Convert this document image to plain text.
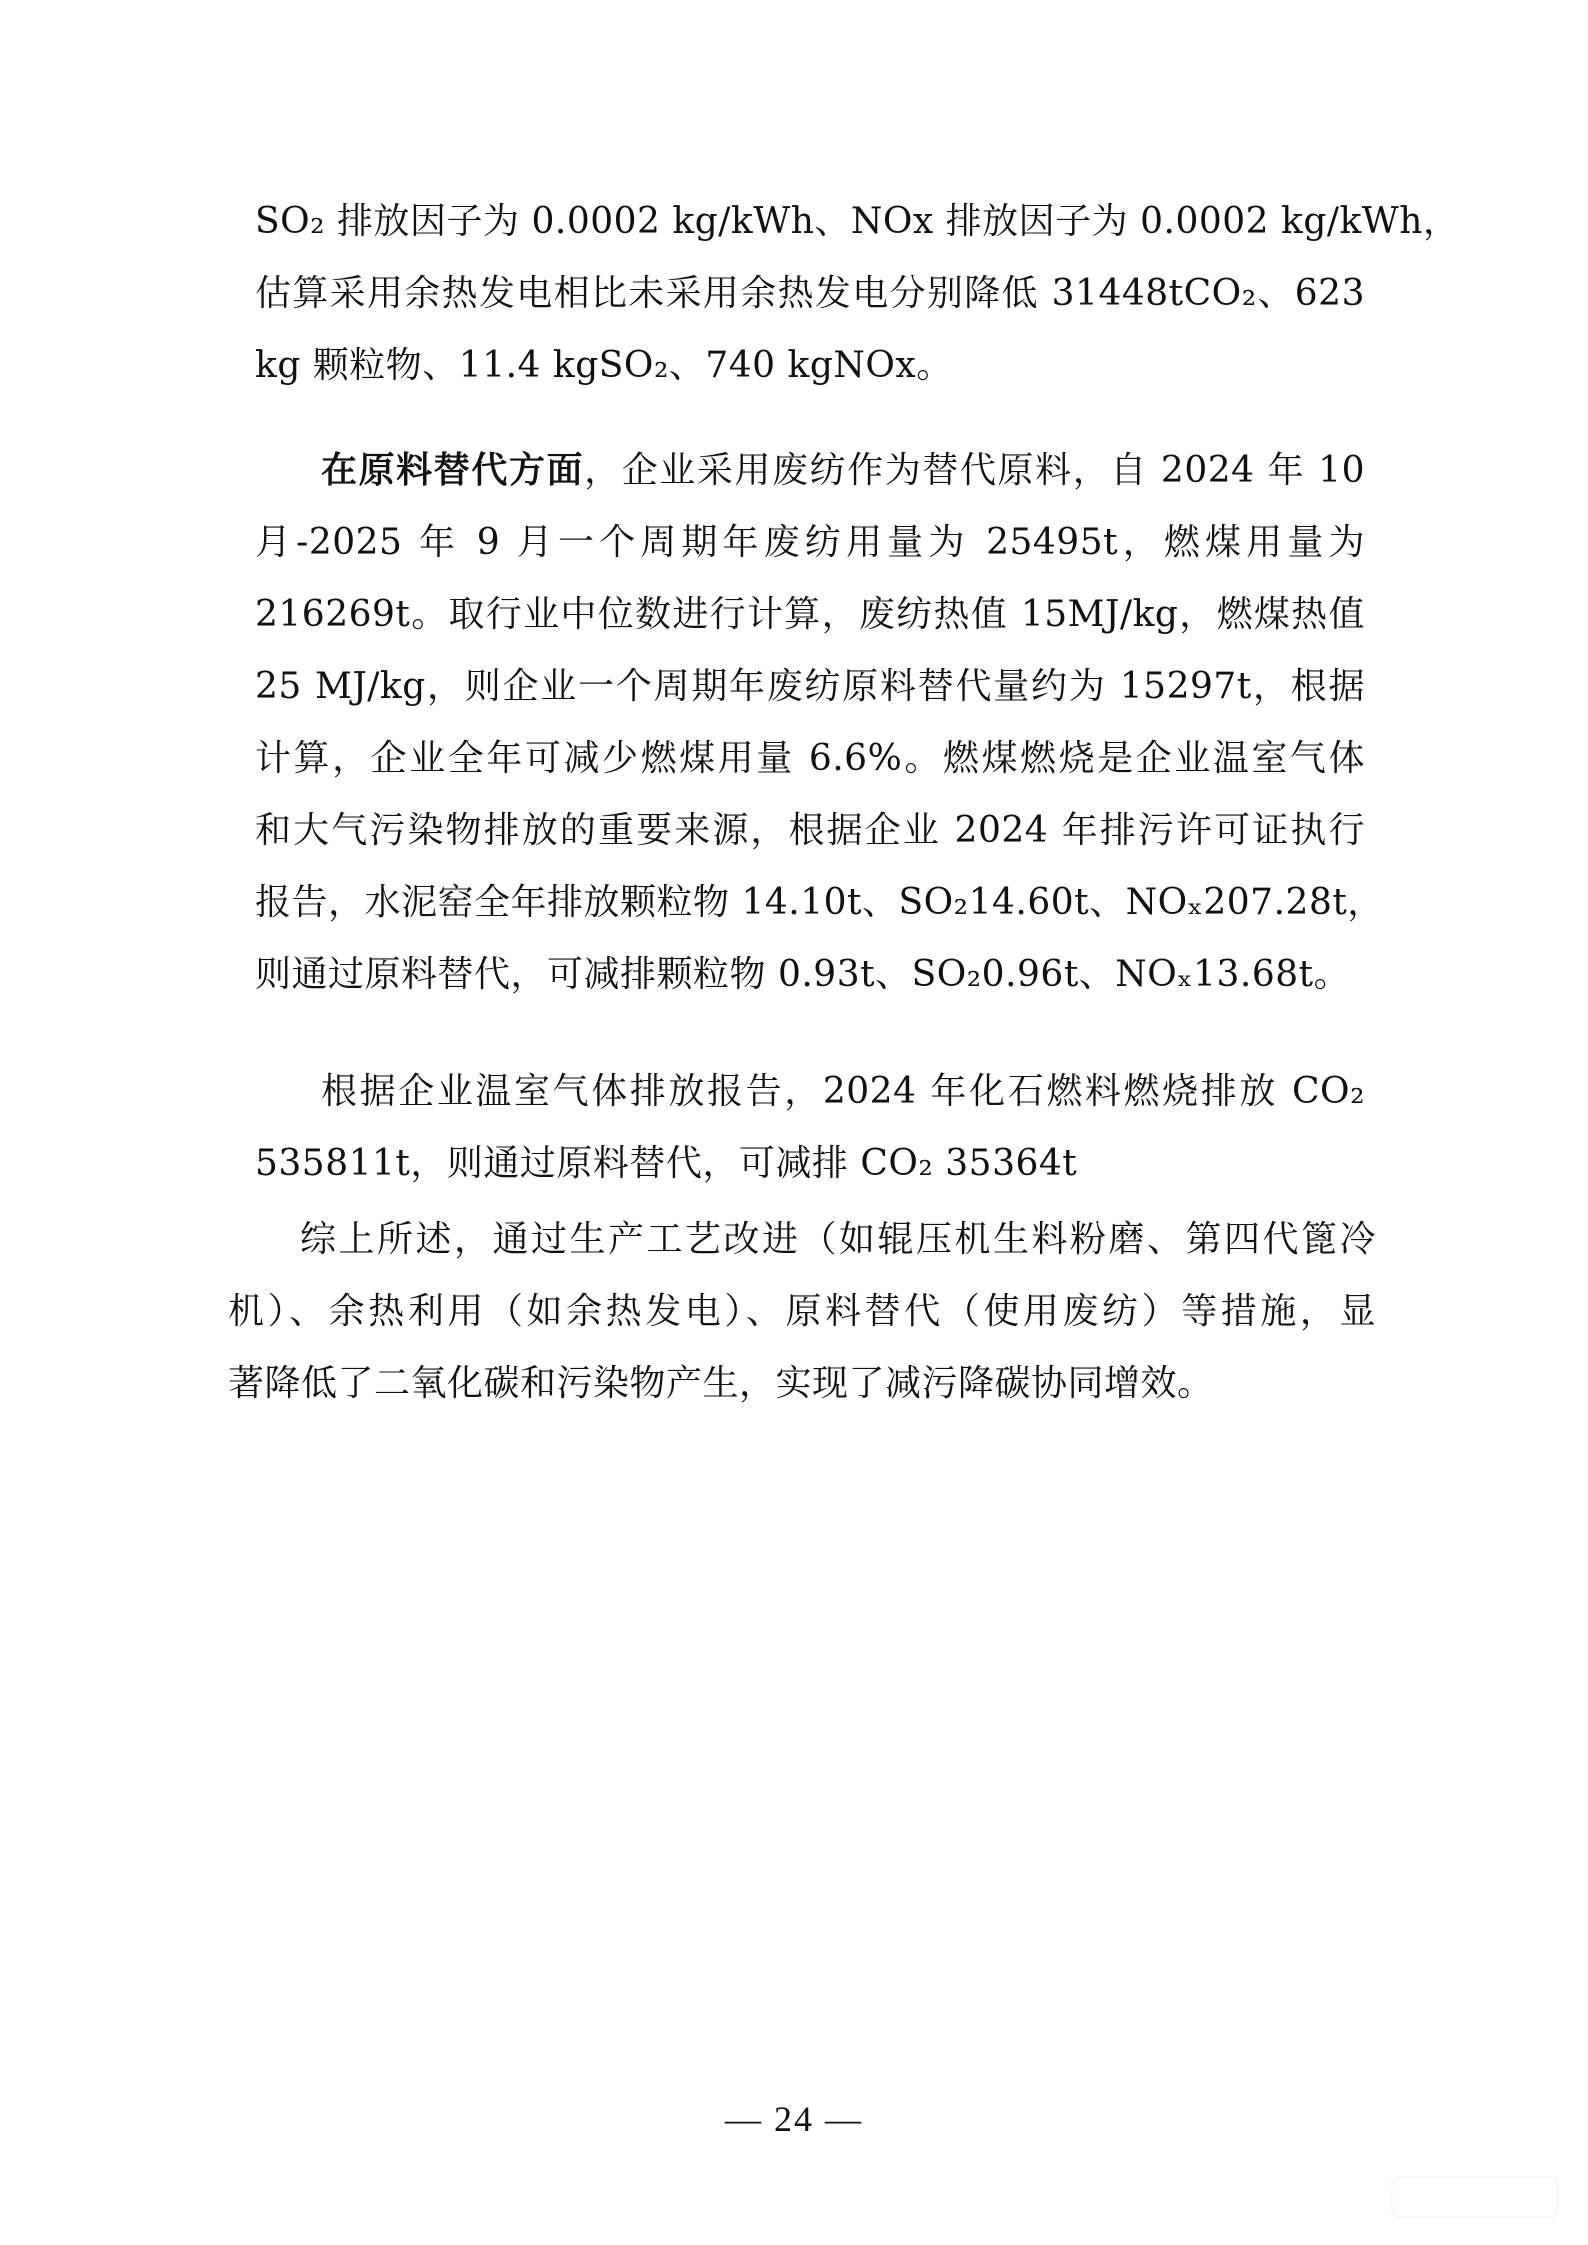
SO₂ 排放因子为 0.0002 kg/kWh、NOx 排放因子为 0.0002 kg/kWh，
估算采用余热发电相比未采用余热发电分别降低 31448tCO₂、623
kg 颗粒物、11.4 kgSO₂、740 kgNOx。

在原料替代方面，企业采用废纺作为替代原料，自 2024 年 10
月-2025 年 9 月一个周期年废纺用量为 25495t，燃煤用量为
216269t。取行业中位数进行计算，废纺热值 15MJ/kg，燃煤热值
25 MJ/kg，则企业一个周期年废纺原料替代量约为 15297t，根据
计算，企业全年可减少燃煤用量 6.6%。燃煤燃烧是企业温室气体
和大气污染物排放的重要来源，根据企业 2024 年排污许可证执行
报告，水泥窑全年排放颗粒物 14.10t、SO₂14.60t、NOₓ207.28t，
则通过原料替代，可减排颗粒物 0.93t、SO₂0.96t、NOₓ13.68t。

根据企业温室气体排放报告，2024 年化石燃料燃烧排放 CO₂
535811t，则通过原料替代，可减排 CO₂ 35364t

综上所述，通过生产工艺改进（如辊压机生料粉磨、第四代篦冷
机）、余热利用（如余热发电）、原料替代（使用废纺）等措施，显
著降低了二氧化碳和污染物产生，实现了减污降碳协同增效。

— 24 —
